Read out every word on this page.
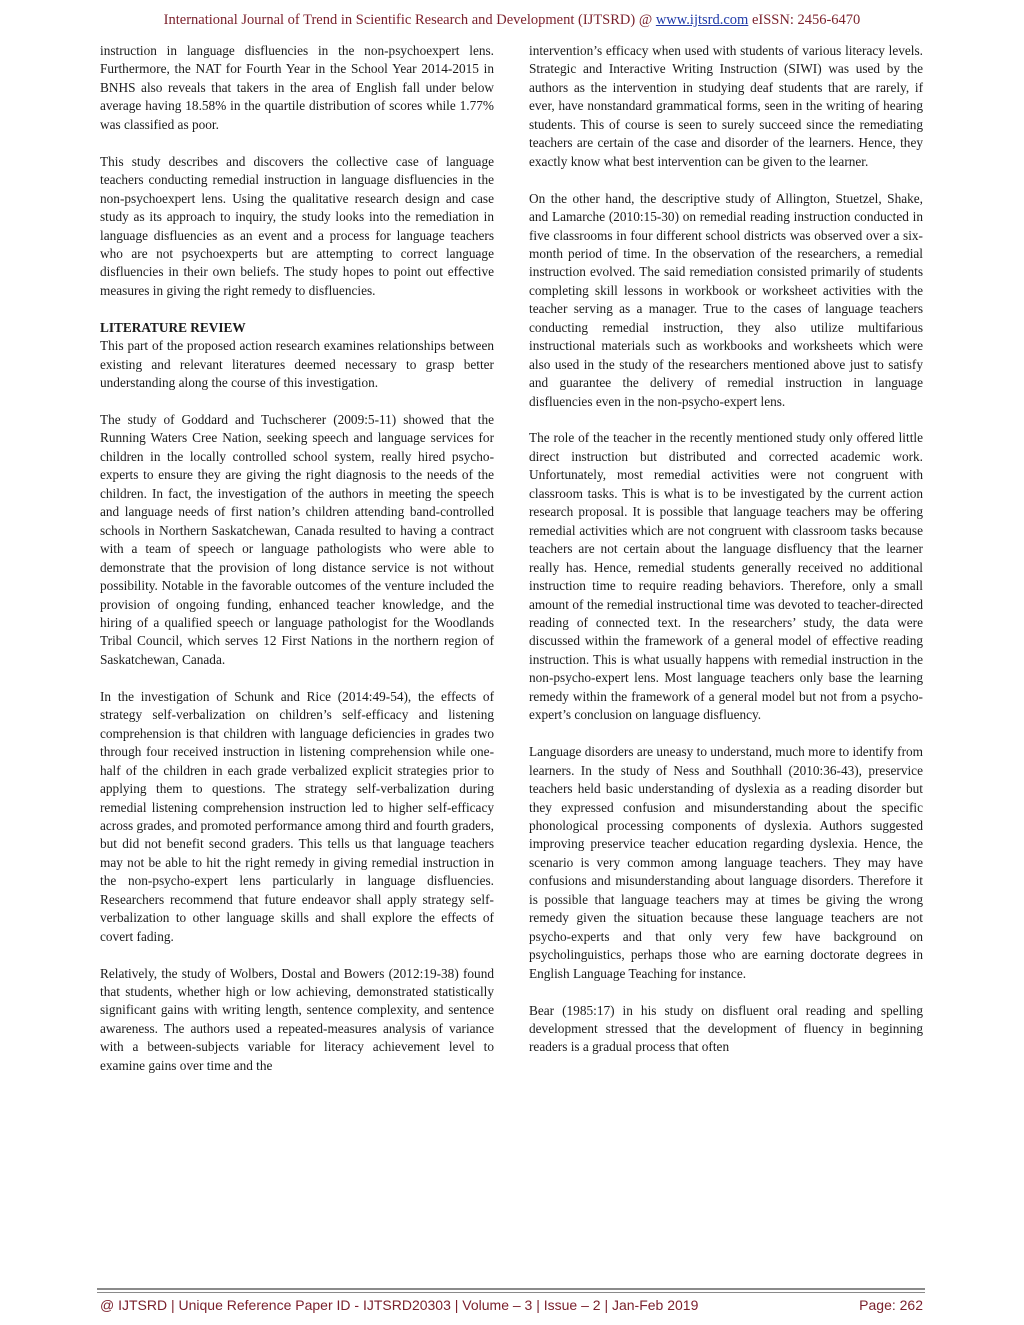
International Journal of Trend in Scientific Research and Development (IJTSRD) @ www.ijtsrd.com eISSN: 2456-6470

instruction in language disfluencies in the non-psychoexpert lens. Furthermore, the NAT for Fourth Year in the School Year 2014-2015 in BNHS also reveals that takers in the area of English fall under below average having 18.58% in the quartile distribution of scores while 1.77% was classified as poor.

This study describes and discovers the collective case of language teachers conducting remedial instruction in language disfluencies in the non-psychoexpert lens. Using the qualitative research design and case study as its approach to inquiry, the study looks into the remediation in language disfluencies as an event and a process for language teachers who are not psychoexperts but are attempting to correct language disfluencies in their own beliefs. The study hopes to point out effective measures in giving the right remedy to disfluencies.

LITERATURE REVIEW

This part of the proposed action research examines relationships between existing and relevant literatures deemed necessary to grasp better understanding along the course of this investigation.

The study of Goddard and Tuchscherer (2009:5-11) showed that the Running Waters Cree Nation, seeking speech and language services for children in the locally controlled school system, really hired psycho-experts to ensure they are giving the right diagnosis to the needs of the children. In fact, the investigation of the authors in meeting the speech and language needs of first nation’s children attending band-controlled schools in Northern Saskatchewan, Canada resulted to having a contract with a team of speech or language pathologists who were able to demonstrate that the provision of long distance service is not without possibility. Notable in the favorable outcomes of the venture included the provision of ongoing funding, enhanced teacher knowledge, and the hiring of a qualified speech or language pathologist for the Woodlands Tribal Council, which serves 12 First Nations in the northern region of Saskatchewan, Canada.

In the investigation of Schunk and Rice (2014:49-54), the effects of strategy self-verbalization on children’s self-efficacy and listening comprehension is that children with language deficiencies in grades two through four received instruction in listening comprehension while one-half of the children in each grade verbalized explicit strategies prior to applying them to questions. The strategy self-verbalization during remedial listening comprehension instruction led to higher self-efficacy across grades, and promoted performance among third and fourth graders, but did not benefit second graders. This tells us that language teachers may not be able to hit the right remedy in giving remedial instruction in the non-psycho-expert lens particularly in language disfluencies. Researchers recommend that future endeavor shall apply strategy self-verbalization to other language skills and shall explore the effects of covert fading.

Relatively, the study of Wolbers, Dostal and Bowers (2012:19-38) found that students, whether high or low achieving, demonstrated statistically significant gains with writing length, sentence complexity, and sentence awareness. The authors used a repeated-measures analysis of variance with a between-subjects variable for literacy achievement level to examine gains over time and the

intervention’s efficacy when used with students of various literacy levels. Strategic and Interactive Writing Instruction (SIWI) was used by the authors as the intervention in studying deaf students that are rarely, if ever, have nonstandard grammatical forms, seen in the writing of hearing students. This of course is seen to surely succeed since the remediating teachers are certain of the case and disorder of the learners. Hence, they exactly know what best intervention can be given to the learner.

On the other hand, the descriptive study of Allington, Stuetzel, Shake, and Lamarche (2010:15-30) on remedial reading instruction conducted in five classrooms in four different school districts was observed over a six-month period of time. In the observation of the researchers, a remedial instruction evolved. The said remediation consisted primarily of students completing skill lessons in workbook or worksheet activities with the teacher serving as a manager. True to the cases of language teachers conducting remedial instruction, they also utilize multifarious instructional materials such as workbooks and worksheets which were also used in the study of the researchers mentioned above just to satisfy and guarantee the delivery of remedial instruction in language disfluencies even in the non-psycho-expert lens.

The role of the teacher in the recently mentioned study only offered little direct instruction but distributed and corrected academic work. Unfortunately, most remedial activities were not congruent with classroom tasks. This is what is to be investigated by the current action research proposal. It is possible that language teachers may be offering remedial activities which are not congruent with classroom tasks because teachers are not certain about the language disfluency that the learner really has. Hence, remedial students generally received no additional instruction time to require reading behaviors. Therefore, only a small amount of the remedial instructional time was devoted to teacher-directed reading of connected text. In the researchers’ study, the data were discussed within the framework of a general model of effective reading instruction. This is what usually happens with remedial instruction in the non-psycho-expert lens. Most language teachers only base the learning remedy within the framework of a general model but not from a psycho-expert’s conclusion on language disfluency.

Language disorders are uneasy to understand, much more to identify from learners. In the study of Ness and Southhall (2010:36-43), preservice teachers held basic understanding of dyslexia as a reading disorder but they expressed confusion and misunderstanding about the specific phonological processing components of dyslexia. Authors suggested improving preservice teacher education regarding dyslexia. Hence, the scenario is very common among language teachers. They may have confusions and misunderstanding about language disorders. Therefore it is possible that language teachers may at times be giving the wrong remedy given the situation because these language teachers are not psycho-experts and that only very few have background on psycholinguistics, perhaps those who are earning doctorate degrees in English Language Teaching for instance.

Bear (1985:17) in his study on disfluent oral reading and spelling development stressed that the development of fluency in beginning readers is a gradual process that often

@ IJTSRD | Unique Reference Paper ID - IJTSRD20303 | Volume – 3 | Issue – 2 | Jan-Feb 2019	Page: 262
